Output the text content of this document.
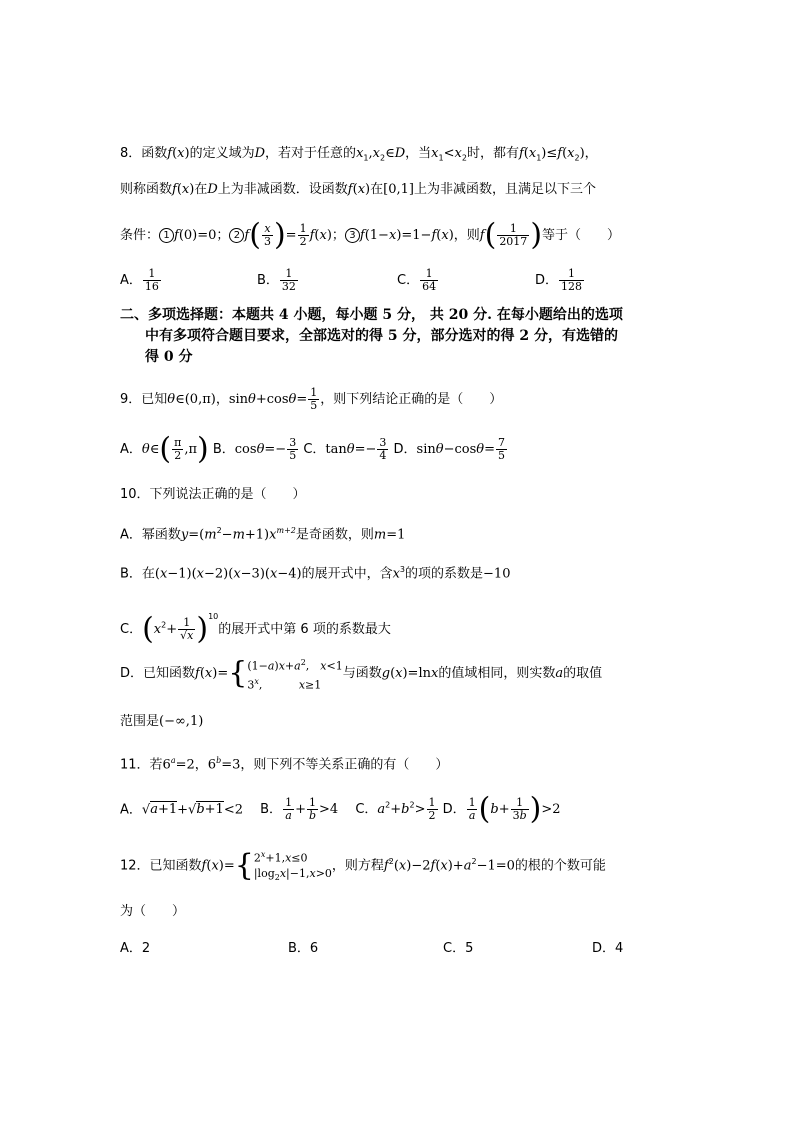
8．函数f(x)的定义域为D，若对于任意的$x_1,x_2\in D$，当$x_1<x_2$时，都有$f(x_1)\le f(x_2)$，
则称函数f(x)在D上为非减函数．设函数f(x)在[0,1]上为非减函数，且满足以下三个
条件： 1 f(0)=0； 2 $f( \frac{x}{3}$ )= $\frac{1}{2} f(x)$； 3 f(1−x)=1−f(x)，则$f( \frac{1}{2017}$ )等于（　　）
A． $\frac{1}{16}$	B． $\frac{1}{32}$	C． $\frac{1}{64}$	D． $\frac{1}{128}$
二、多项选择题：本题共 4 小题，每小题 5 分， 共 20 分. 在每小题给出的选项
中有多项符合题目要求，全部选对的得 5 分，部分选对的得 2 分，有选错的
得 0 分
9．已知θ∈(0,π)，$\sin\theta+\cos\theta= \frac{1}{5}$ ，则下列结论正确的是（　　）
A．θ∈( $\frac{\pi}{2} ,\pi$) B．$\cos\theta=- \frac{3}{5}$ C．$\tan\theta=- \frac{3}{4}$ D．$\sin\theta-\cos\theta= \frac{7}{5}$
10．下列说法正确的是（　　）
A．幂函数$y=(m^2-m+1)x^{m+2}$是奇函数，则m=1
B．在(x−1)(x−2)(x−3)(x−4)的展开式中，含$x^3$的项的系数是−10
C．$(x^2+ \frac{1}{√x} )^{10}$的展开式中第 6 项的系数最大
D．已知函数f(x)={ $(1-a)x+a^2$,　x<1
3$^x$,　　　 x≥1
与函数g(x)=lnx的值域相同，则实数a的取值
范围是(−∞,1)
11．若$6^a=2$，$6^b=3$，则下列不等关系正确的有（　　）
A．√a+1+√b+1<2 　B． $\frac{1}{a} + \frac{1}{b} >4$ 　C．$a^2+b^2> \frac{1}{2}$ D． $\frac{1}{a} (b+ \frac{1}{3b} )>2$
12．已知函数f(x)={ $2^x+1,x\le 0$
$|\log_2x|-1,x>0$ ，则方程$f^2(x)-2f(x)+a^2-1=0$的根的个数可能
为（　　）
A．2	B．6	C．5	D．4
